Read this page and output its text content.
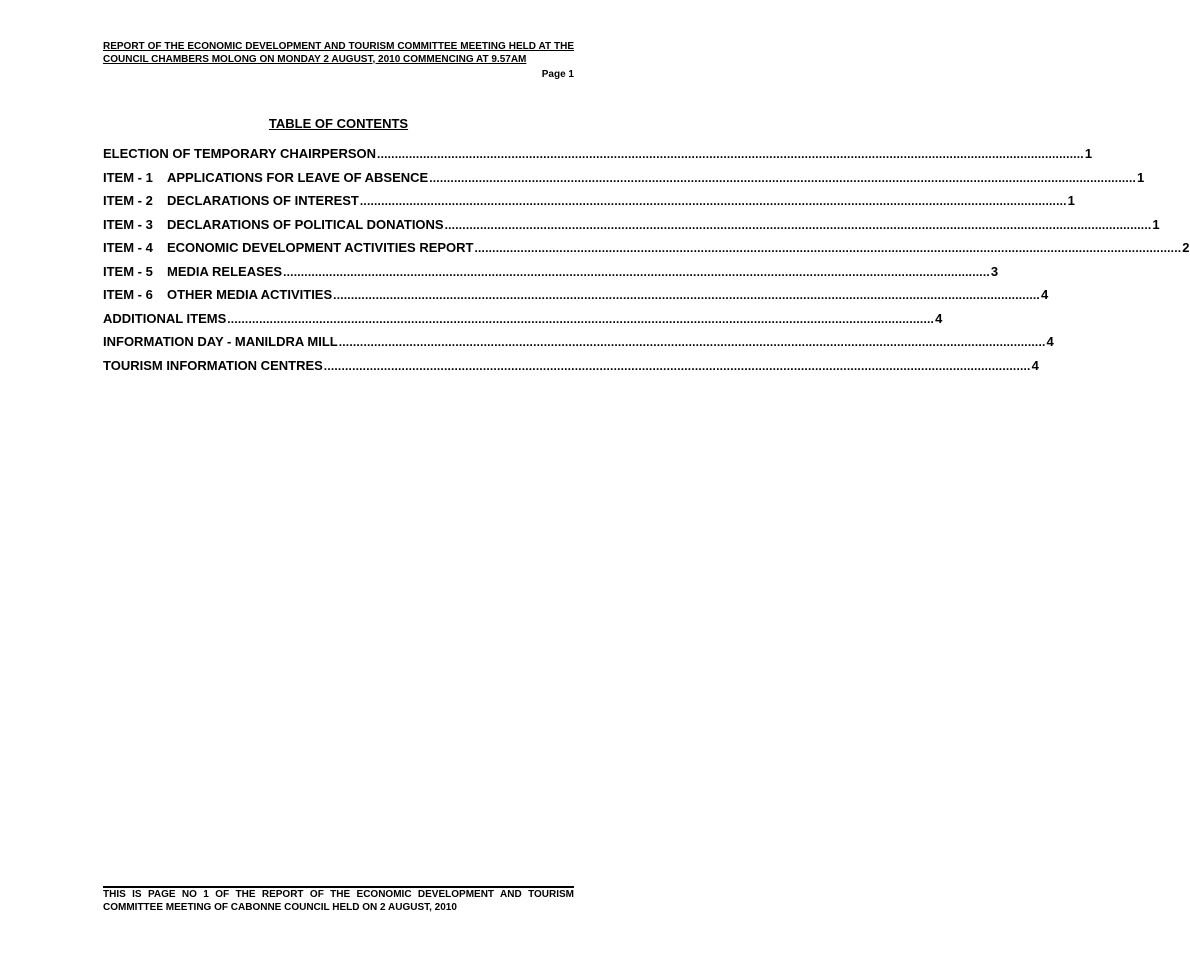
REPORT OF THE ECONOMIC DEVELOPMENT AND TOURISM COMMITTEE MEETING HELD AT THE COUNCIL CHAMBERS MOLONG ON MONDAY 2 AUGUST, 2010 COMMENCING AT 9.57AM
Page 1
TABLE OF CONTENTS
ELECTION OF TEMPORARY CHAIRPERSON ........................................................................................................................................................................................................ 1
ITEM - 1	APPLICATIONS FOR LEAVE OF ABSENCE ........................................................................................................................................................................................................ 1
ITEM - 2	DECLARATIONS OF INTEREST ........................................................................................................................................................................................................ 1
ITEM - 3	DECLARATIONS OF POLITICAL DONATIONS ........................................................................................................................................................................................................ 1
ITEM - 4	ECONOMIC DEVELOPMENT ACTIVITIES REPORT ........................................................................................................................................................................................................ 2
ITEM - 5	MEDIA RELEASES ........................................................................................................................................................................................................ 3
ITEM - 6	OTHER MEDIA ACTIVITIES ........................................................................................................................................................................................................ 4
ADDITIONAL ITEMS ........................................................................................................................................................................................................ 4
INFORMATION DAY - MANILDRA MILL ........................................................................................................................................................................................................ 4
TOURISM INFORMATION CENTRES ........................................................................................................................................................................................................ 4
THIS IS PAGE NO 1 OF THE REPORT OF THE ECONOMIC DEVELOPMENT AND TOURISM COMMITTEE MEETING OF CABONNE COUNCIL HELD ON 2 AUGUST, 2010
